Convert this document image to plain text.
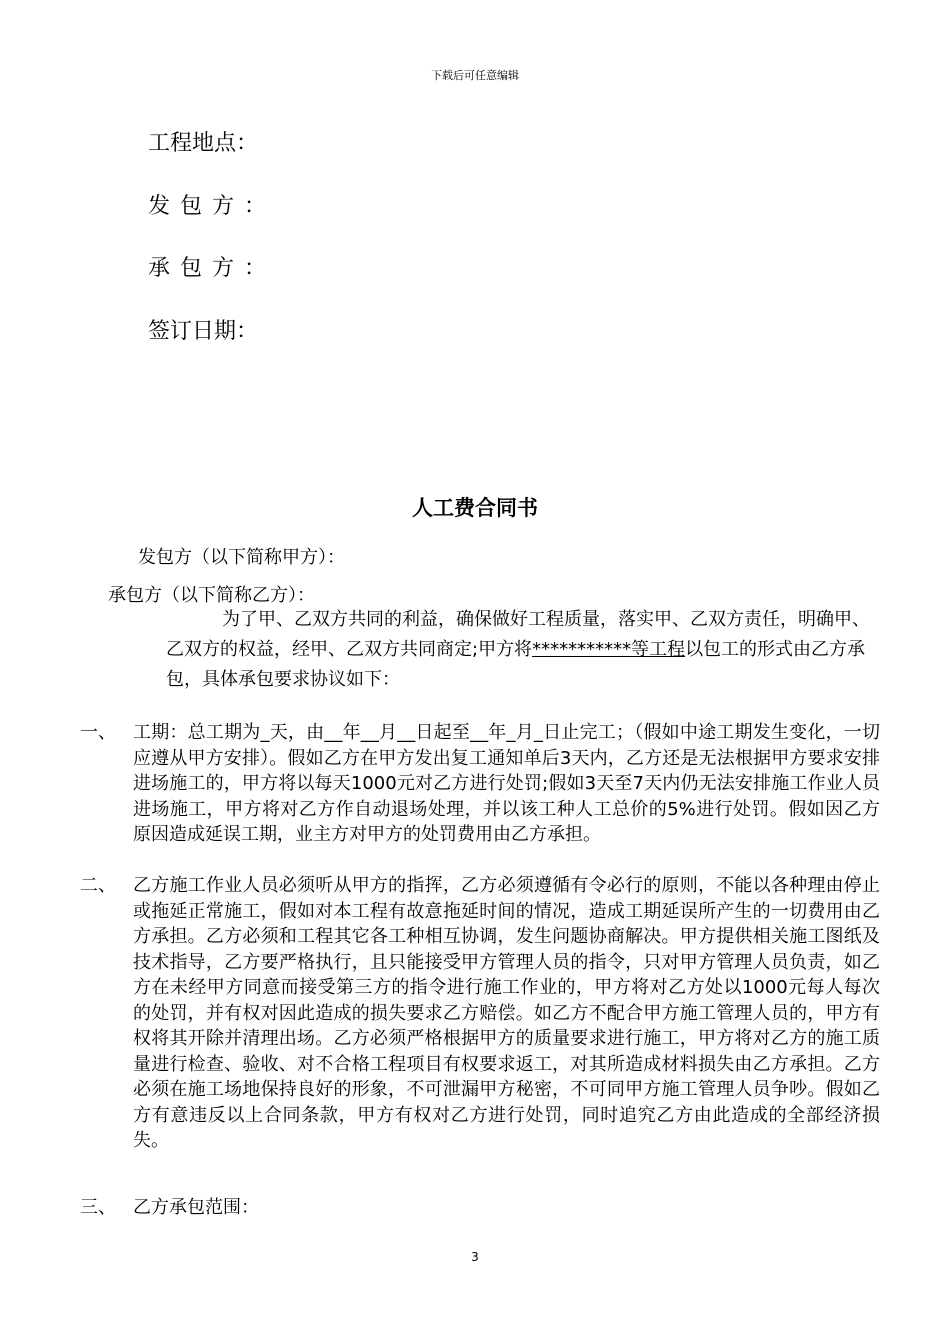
下载后可任意编辑
工程地点：
发包方：
承包方：
签订日期：
人工费合同书
发包方（以下简称甲方）：
承包方（以下简称乙方）：
为了甲、乙双方共同的利益，确保做好工程质量，落实甲、乙双方责任，明确甲、乙双方的权益，经甲、乙双方共同商定;甲方将***********等工程以包工的形式由乙方承包，具体承包要求协议如下：
一、 工期：总工期为_天，由__年__月__日起至__年_月_日止完工；（假如中途工期发生变化，一切应遵从甲方安排）。假如乙方在甲方发出复工通知单后3天内，乙方还是无法根据甲方要求安排进场施工的，甲方将以每天1000元对乙方进行处罚;假如3天至7天内仍无法安排施工作业人员进场施工，甲方将对乙方作自动退场处理，并以该工种人工总价的5%进行处罚。假如因乙方原因造成延误工期，业主方对甲方的处罚费用由乙方承担。
二、 乙方施工作业人员必须听从甲方的指挥，乙方必须遵循有令必行的原则，不能以各种理由停止或拖延正常施工，假如对本工程有故意拖延时间的情况，造成工期延误所产生的一切费用由乙方承担。乙方必须和工程其它各工种相互协调，发生问题协商解决。甲方提供相关施工图纸及技术指导，乙方要严格执行，且只能接受甲方管理人员的指令，只对甲方管理人员负责，如乙方在未经甲方同意而接受第三方的指令进行施工作业的，甲方将对乙方处以1000元每人每次的处罚，并有权对因此造成的损失要求乙方赔偿。如乙方不配合甲方施工管理人员的，甲方有权将其开除并清理出场。乙方必须严格根据甲方的质量要求进行施工，甲方将对乙方的施工质量进行检查、验收、对不合格工程项目有权要求返工，对其所造成材料损失由乙方承担。乙方必须在施工场地保持良好的形象，不可泄漏甲方秘密，不可同甲方施工管理人员争吵。假如乙方有意违反以上合同条款，甲方有权对乙方进行处罚，同时追究乙方由此造成的全部经济损失。
三、 乙方承包范围：
3
